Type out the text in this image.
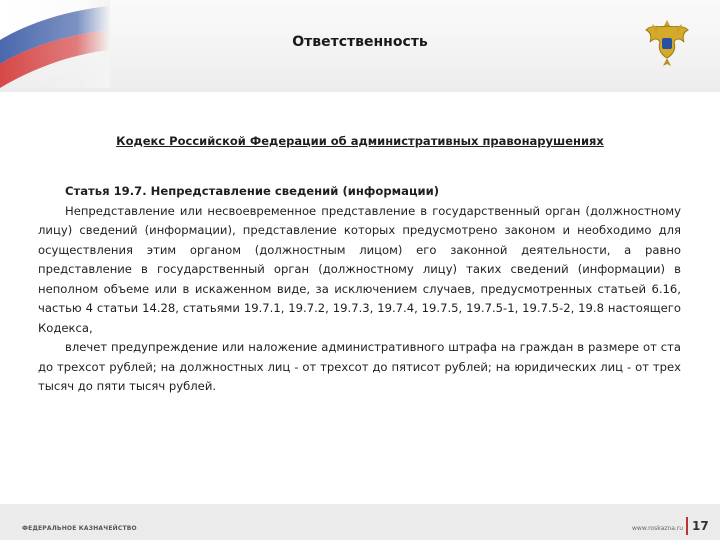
Ответственность
Кодекс Российской Федерации об административных правонарушениях

Статья 19.7. Непредставление сведений (информации)

Непредставление или несвоевременное представление в государственный орган (должностному лицу) сведений (информации), представление которых предусмотрено законом и необходимо для осуществления этим органом (должностным лицом) его законной деятельности, а равно представление в государственный орган (должностному лицу) таких сведений (информации) в неполном объеме или в искаженном виде, за исключением случаев, предусмотренных статьей 6.16, частью 4 статьи 14.28, статьями 19.7.1, 19.7.2, 19.7.3, 19.7.4, 19.7.5, 19.7.5-1, 19.7.5-2, 19.8 настоящего Кодекса,

влечет предупреждение или наложение административного штрафа на граждан в размере от ста до трехсот рублей; на должностных лиц - от трехсот до пятисот рублей; на юридических лиц - от трех тысяч до пяти тысяч рублей.

ФЕДЕРАЛЬНОЕ КАЗНАЧЕЙСТВО	www.roskazna.ru 17
